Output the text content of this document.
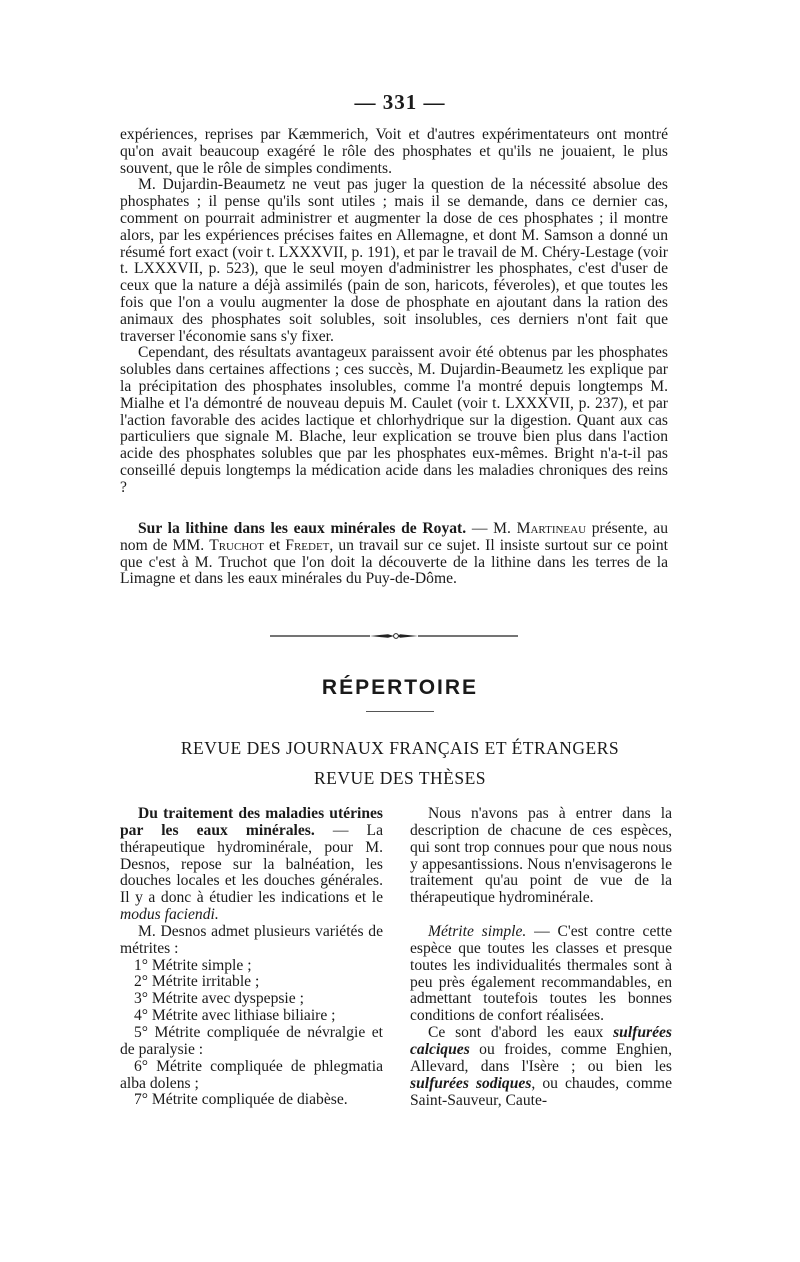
— 331 —

expériences, reprises par Kæmmerich, Voit et d'autres expérimentateurs ont montré qu'on avait beaucoup exagéré le rôle des phosphates et qu'ils ne jouaient, le plus souvent, que le rôle de simples condiments.

M. Dujardin-Beaumetz ne veut pas juger la question de la nécessité absolue des phosphates ; il pense qu'ils sont utiles ; mais il se demande, dans ce dernier cas, comment on pourrait administrer et augmenter la dose de ces phosphates ; il montre alors, par les expériences précises faites en Allemagne, et dont M. Samson a donné un résumé fort exact (voir t. LXXXVII, p. 191), et par le travail de M. Chéry-Lestage (voir t. LXXXVII, p. 523), que le seul moyen d'administrer les phosphates, c'est d'user de ceux que la nature a déjà assimilés (pain de son, haricots, féveroles), et que toutes les fois que l'on a voulu augmenter la dose de phosphate en ajoutant dans la ration des animaux des phosphates soit solubles, soit insolubles, ces derniers n'ont fait que traverser l'économie sans s'y fixer.

Cependant, des résultats avantageux paraissent avoir été obtenus par les phosphates solubles dans certaines affections ; ces succès, M. Dujardin-Beaumetz les explique par la précipitation des phosphates insolubles, comme l'a montré depuis longtemps M. Mialhe et l'a démontré de nouveau depuis M. Caulet (voir t. LXXXVII, p. 237), et par l'action favorable des acides lactique et chlorhydrique sur la digestion. Quant aux cas particuliers que signale M. Blache, leur explication se trouve bien plus dans l'action acide des phosphates solubles que par les phosphates eux-mêmes. Bright n'a-t-il pas conseillé depuis longtemps la médication acide dans les maladies chroniques des reins ?

Sur la lithine dans les eaux minérales de Royat. — M. Martineau présente, au nom de MM. Truchot et Fredet, un travail sur ce sujet. Il insiste surtout sur ce point que c'est à M. Truchot que l'on doit la découverte de la lithine dans les terres de la Limagne et dans les eaux minérales du Puy-de-Dôme.

RÉPERTOIRE
REVUE DES JOURNAUX FRANÇAIS ET ÉTRANGERS
REVUE DES THÈSES

Du traitement des maladies utérines par les eaux minérales. — La thérapeutique hydrominérale, pour M. Desnos, repose sur la balnéation, les douches locales et les douches générales. Il y a donc à étudier les indications et le modus faciendi.

M. Desnos admet plusieurs variétés de métrites :

1° Métrite simple ;

2° Métrite irritable ;

3° Métrite avec dyspepsie ;

4° Métrite avec lithiase biliaire ;

5° Métrite compliquée de névralgie et de paralysie :

6° Métrite compliquée de phlegmatia alba dolens ;

7° Métrite compliquée de diabèse.

Nous n'avons pas à entrer dans la description de chacune de ces espèces, qui sont trop connues pour que nous nous y appesantissions. Nous n'envisagerons le traitement qu'au point de vue de la thérapeutique hydrominérale.

Métrite simple. — C'est contre cette espèce que toutes les classes et presque toutes les individualités thermales sont à peu près également recommandables, en admettant toutefois toutes les bonnes conditions de confort réalisées.

Ce sont d'abord les eaux sulfurées calciques ou froides, comme Enghien, Allevard, dans l'Isère ; ou bien les sulfurées sodiques, ou chaudes, comme Saint-Sauveur, Caute-
